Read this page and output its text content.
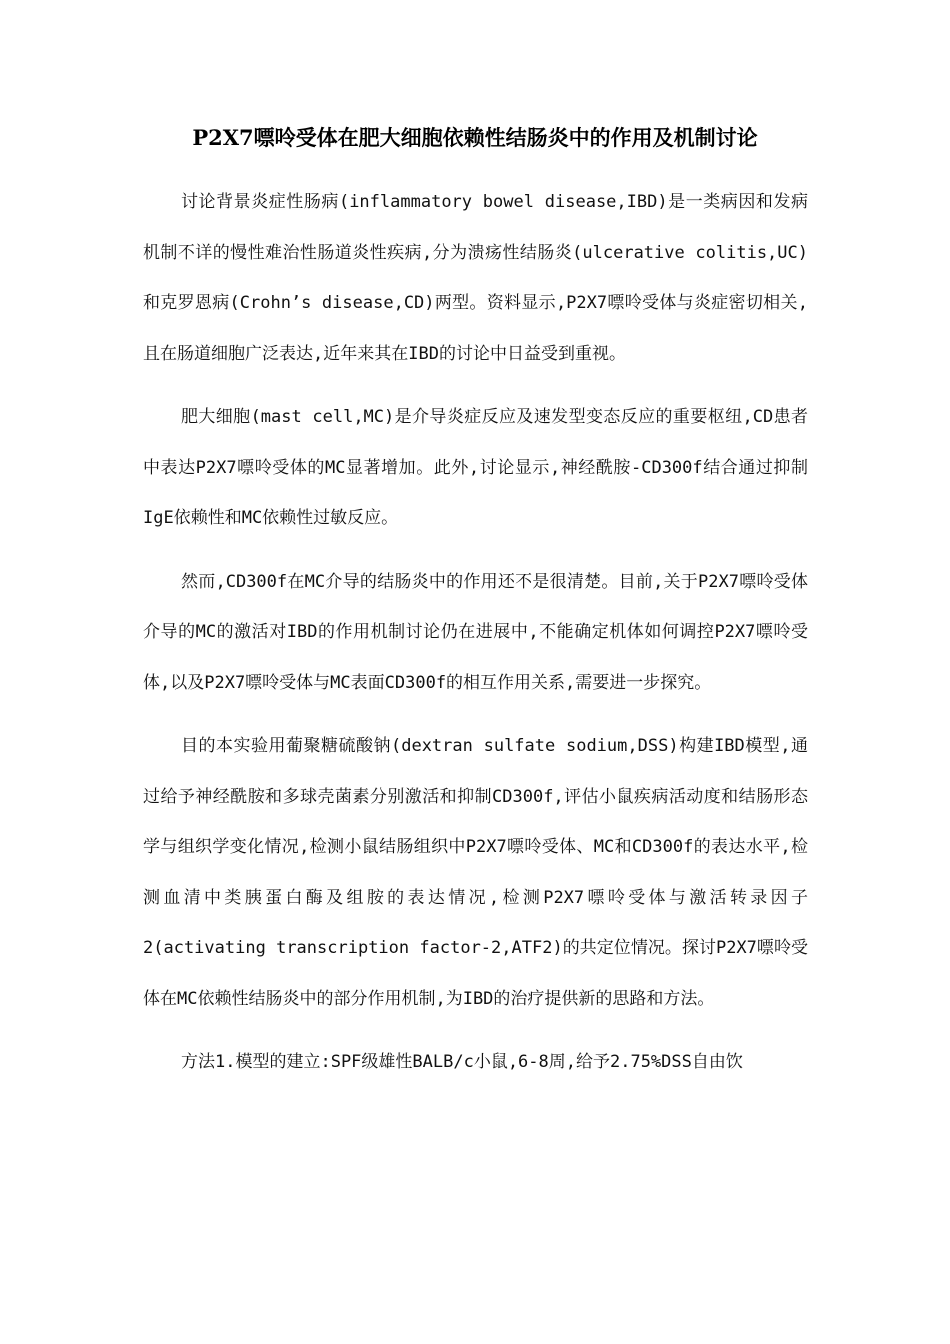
P2X7嘌呤受体在肥大细胞依赖性结肠炎中的作用及机制讨论

讨论背景炎症性肠病(inflammatory bowel disease,IBD)是一类病因和发病机制不详的慢性难治性肠道炎性疾病,分为溃疡性结肠炎(ulcerative colitis,UC)和克罗恩病(Crohn’s disease,CD)两型。资料显示,P2X7嘌呤受体与炎症密切相关,且在肠道细胞广泛表达,近年来其在IBD的讨论中日益受到重视。

肥大细胞(mast cell,MC)是介导炎症反应及速发型变态反应的重要枢纽,CD患者中表达P2X7嘌呤受体的MC显著增加。此外,讨论显示,神经酰胺-CD300f结合通过抑制IgE依赖性和MC依赖性过敏反应。

然而,CD300f在MC介导的结肠炎中的作用还不是很清楚。目前,关于P2X7嘌呤受体介导的MC的激活对IBD的作用机制讨论仍在进展中,不能确定机体如何调控P2X7嘌呤受体,以及P2X7嘌呤受体与MC表面CD300f的相互作用关系,需要进一步探究。

目的本实验用葡聚糖硫酸钠(dextran sulfate sodium,DSS)构建IBD模型,通过给予神经酰胺和多球壳菌素分别激活和抑制CD300f,评估小鼠疾病活动度和结肠形态学与组织学变化情况,检测小鼠结肠组织中P2X7嘌呤受体、MC和CD300f的表达水平,检测血清中类胰蛋白酶及组胺的表达情况,检测P2X7嘌呤受体与激活转录因子2(activating transcription factor-2,ATF2)的共定位情况。探讨P2X7嘌呤受体在MC依赖性结肠炎中的部分作用机制,为IBD的治疗提供新的思路和方法。

方法1.模型的建立:SPF级雄性BALB/c小鼠,6-8周,给予2.75%DSS自由饮
